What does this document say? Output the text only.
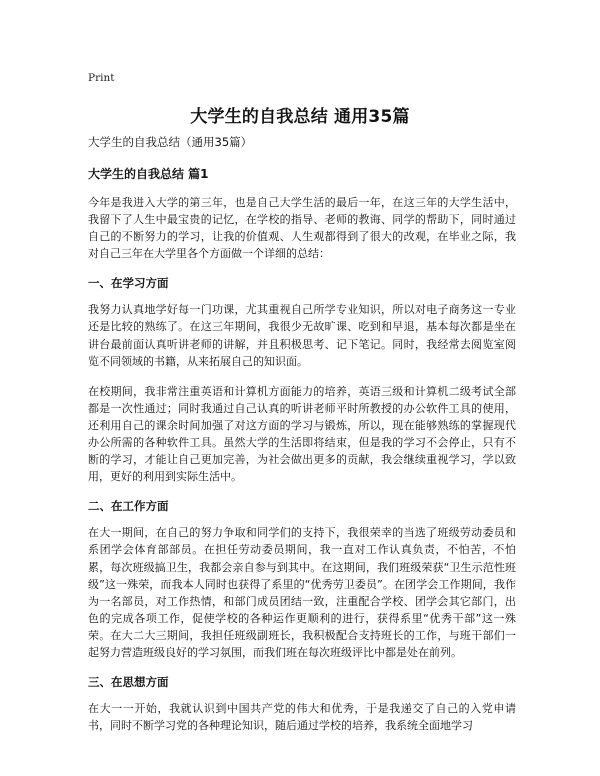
Print
大学生的自我总结 通用35篇
大学生的自我总结（通用35篇）
大学生的自我总结 篇1
今年是我进入大学的第三年，也是自己大学生活的最后一年，在这三年的大学生活中，我留下了人生中最宝贵的记忆，在学校的指导、老师的教诲、同学的帮助下，同时通过自己的不断努力的学习，让我的价值观、人生观都得到了很大的改观，在毕业之际，我对自己三年在大学里各个方面做一个详细的总结：
一、在学习方面
我努力认真地学好每一门功课，尤其重视自己所学专业知识，所以对电子商务这一专业还是比较的熟练了。在这三年期间，我很少无故旷课、吃到和早退，基本每次都是坐在讲台最前面认真听讲老师的讲解，并且积极思考、记下笔记。同时，我经常去阅览室阅览不同领域的书籍，从来拓展自己的知识面。
在校期间，我非常注重英语和计算机方面能力的培养，英语三级和计算机二级考试全部都是一次性通过；同时我通过自己认真的听讲老师平时所教授的办公软件工具的使用，还利用自己的课余时间加强了对这方面的学习与锻炼，所以，现在能够熟练的掌握现代办公所需的各种软件工具。虽然大学的生活即将结束，但是我的学习不会停止，只有不断的学习，才能让自己更加完善，为社会做出更多的贡献，我会继续重视学习，学以致用，更好的利用到实际生活中。
二、在工作方面
在大一期间，在自己的努力争取和同学们的支持下，我很荣幸的当选了班级劳动委员和系团学会体育部部员。在担任劳动委员期间，我一直对工作认真负责，不怕苦，不怕累，每次班级搞卫生，我都会亲自参与到其中。在这期间，我们班级荣获“卫生示范性班级”这一殊荣，而我本人同时也获得了系里的“优秀劳卫委员”。在团学会工作期间，我作为一名部员，对工作热情，和部门成员团结一致，注重配合学校、团学会其它部门，出色的完成各项工作，促使学校的各种运作更顺利的进行，获得系里“优秀干部”这一殊荣。在大二大三期间，我担任班级副班长，我积极配合支持班长的工作，与班干部们一起努力营造班级良好的学习氛围，而我们班在每次班级评比中都是处在前列。
三、在思想方面
在大一一开始，我就认识到中国共产党的伟大和优秀，于是我递交了自己的入党申请书，同时不断学习党的各种理论知识，随后通过学校的培养，我系统全面地学习
